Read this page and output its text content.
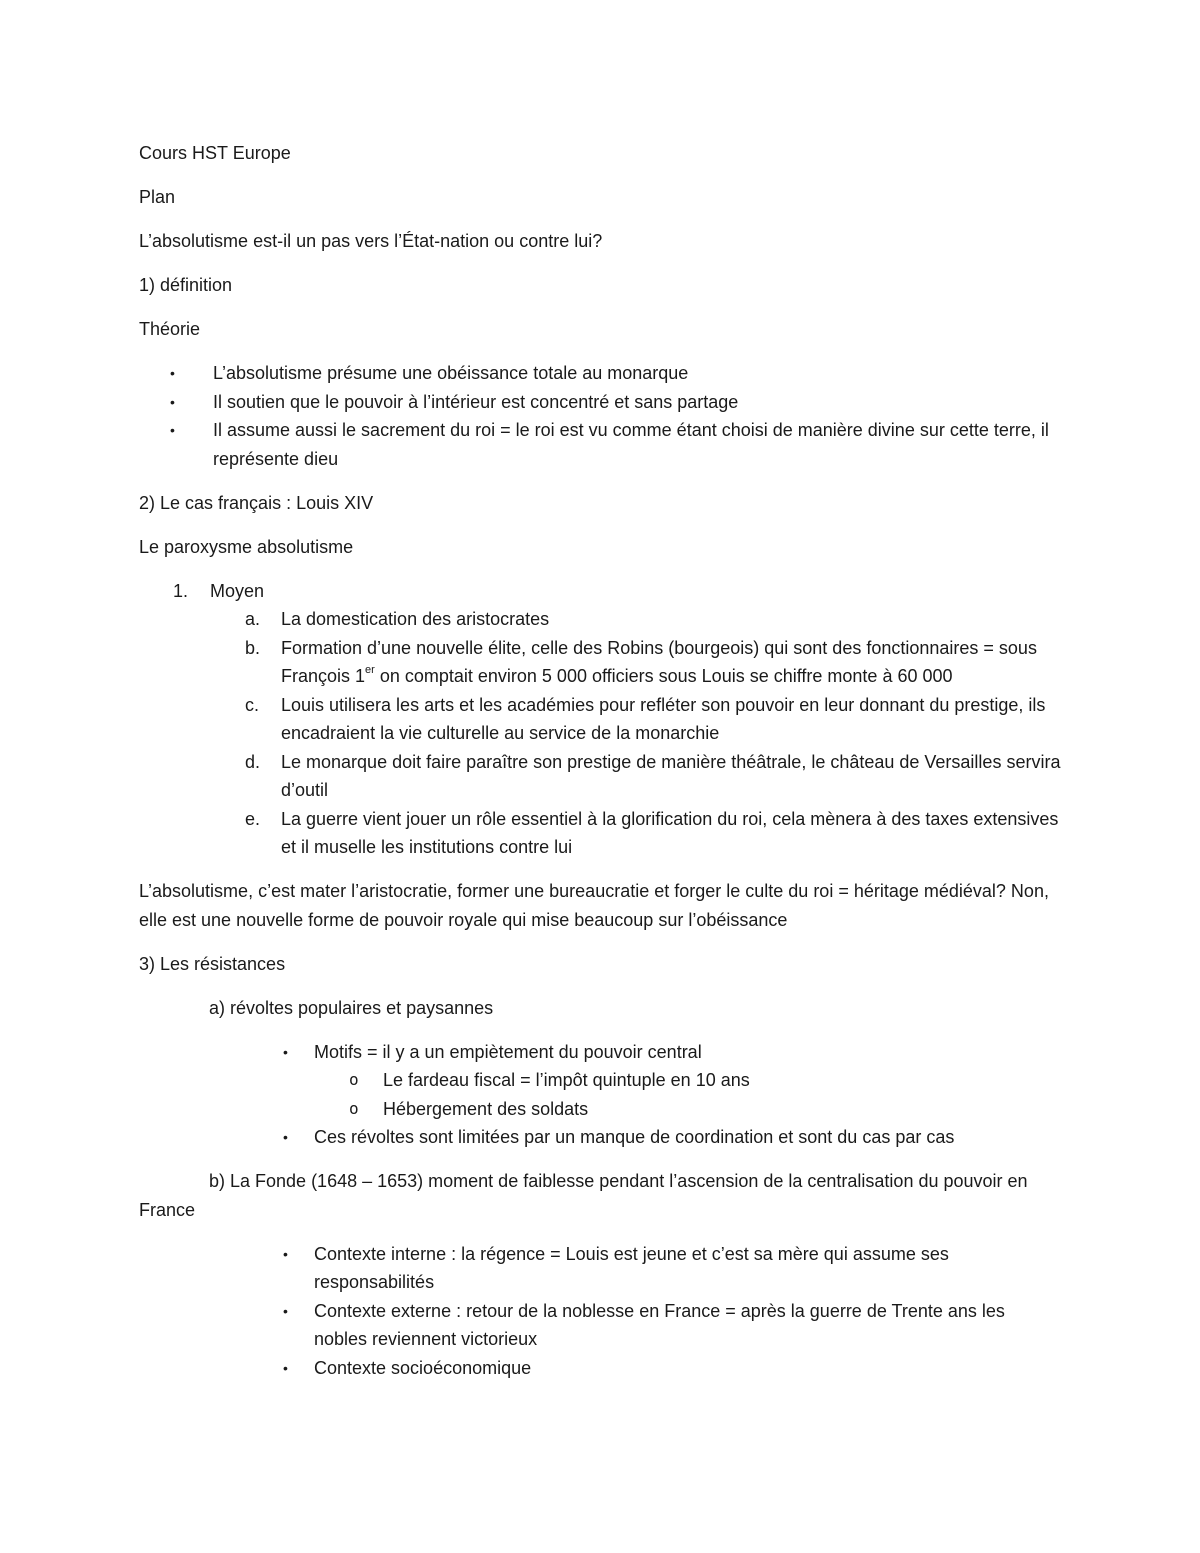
Cours HST Europe

Plan

L’absolutisme est-il un pas vers l’État-nation ou contre lui?

1) définition

Théorie

• L’absolutisme présume une obéissance totale au monarque
• Il soutien que le pouvoir à l’intérieur est concentré et sans partage
• Il assume aussi le sacrement du roi = le roi est vu comme étant choisi de manière divine sur cette terre, il représente dieu

2) Le cas français : Louis XIV

Le paroxysme absolutisme

1. Moyen
a. La domestication des aristocrates
b. Formation d’une nouvelle élite, celle des Robins (bourgeois) qui sont des fonctionnaires = sous François 1er on comptait environ 5 000 officiers sous Louis se chiffre monte à 60 000
c. Louis utilisera les arts et les académies pour refléter son pouvoir en leur donnant du prestige, ils encadraient la vie culturelle au service de la monarchie
d. Le monarque doit faire paraître son prestige de manière théâtrale, le château de Versailles servira d’outil
e. La guerre vient jouer un rôle essentiel à la glorification du roi, cela mènera à des taxes extensives et il muselle les institutions contre lui

L’absolutisme, c’est mater l’aristocratie, former une bureaucratie et forger le culte du roi = héritage médiéval? Non, elle est une nouvelle forme de pouvoir royale qui mise beaucoup sur l’obéissance

3) Les résistances

a) révoltes populaires et paysannes

• Motifs = il y a un empiètement du pouvoir central
o Le fardeau fiscal = l’impôt quintuple en 10 ans
o Hébergement des soldats
• Ces révoltes sont limitées par un manque de coordination et sont du cas par cas

b) La Fonde (1648 – 1653) moment de faiblesse pendant l’ascension de la centralisation du pouvoir en France

• Contexte interne : la régence = Louis est jeune et c’est sa mère qui assume ses responsabilités
• Contexte externe : retour de la noblesse en France = après la guerre de Trente ans les nobles reviennent victorieux
• Contexte socioéconomique
